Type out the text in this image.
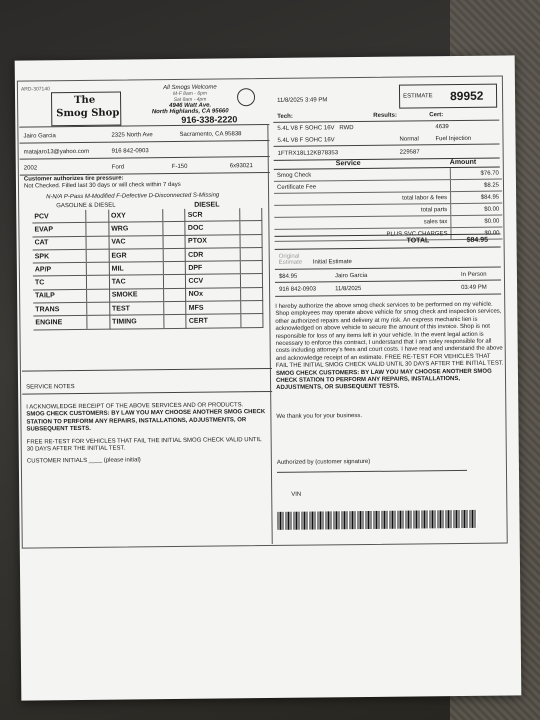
ARD-307140
The
Smog Shop
All Smogs Welcome
M-F 8am - 6pm
Sat 8am - 4pm
4946 Watt Ave.
North Highlands, CA 95660
916-338-2220
Jairo Garcia	2325 North Ave	Sacramento, CA 95838
matajaro13@yahoo.com	916 842-0903
2002	Ford	F-150	6x93021
Customer authorizes tire pressure:
Not Checked. Filled last 30 days or will check within 7 days
N-N/A P-Pass M-Modified F-Defective D-Disconnected S-Missing
GASOLINE & DIESEL	DIESEL
PCV		OXY		SCR	
EVAP		WRG		DOC	
CAT		VAC		PTOX	
SPK		EGR		CDR	
AP/P		MIL		DPF	
TC		TAC		CCV	
TAILP		SMOKE		NOx	
TRANS		TEST		MFS	
ENGINE		TIMING		CERT	
11/8/2025 3:49 PM
ESTIMATE 89952
Tech:	Results:	Cert:
5.4L V8 F SOHC 16V RWD	4639
5.4L V8 F SOHC 16V	Normal	Fuel Injection
1FTRX18L12KB78353	229587
Service	Amount
Smog Check	$76.70
Certificate Fee	$8.25
total labor & fees	$84.95
total parts	$0.00
sales tax	$0.00
PLUS SVC CHARGES	$0.00
TOTAL	$84.95
Original Estimate	Initial Estimate
$84.95	Jairo Garcia	In Person
916 842-0903	11/8/2025	03:49 PM
I hereby authorize the above smog check services to be performed on my vehicle. Shop employees may operate above vehicle for smog check and inspection services, other authorized repairs and delivery at my risk. An express mechanic lien is acknowledged on above vehicle to secure the amount of this invoice. Shop is not responsible for loss of any items left in your vehicle. In the event legal action is necessary to enforce this contract, I understand that I am soley responsible for all costs including attorney's fees and court costs. I have read and understand the above and acknowledge receipt of an estimate. FREE RE-TEST FOR VEHICLES THAT FAIL THE INITIAL SMOG CHECK VALID UNTIL 30 DAYS AFTER THE INITIAL TEST. SMOG CHECK CUSTOMERS: BY LAW YOU MAY CHOOSE ANOTHER SMOG CHECK STATION TO PERFORM ANY REPAIRS, INSTALLATIONS, ADJUSTMENTS, OR SUBSEQUENT TESTS.
We thank you for your business.
Authorized by (customer signature)
VIN
SERVICE NOTES
I ACKNOWLEDGE RECEIPT OF THE ABOVE SERVICES AND OR PRODUCTS.
SMOG CHECK CUSTOMERS: BY LAW YOU MAY CHOOSE ANOTHER SMOG CHECK STATION TO PERFORM ANY REPAIRS, INSTALLATIONS, ADJUSTMENTS, OR SUBSEQUENT TESTS.
FREE RE-TEST FOR VEHICLES THAT FAIL THE INITIAL SMOG CHECK VALID UNTIL 30 DAYS AFTER THE INITIAL TEST.
CUSTOMER INITIALS ____ (please initial)
